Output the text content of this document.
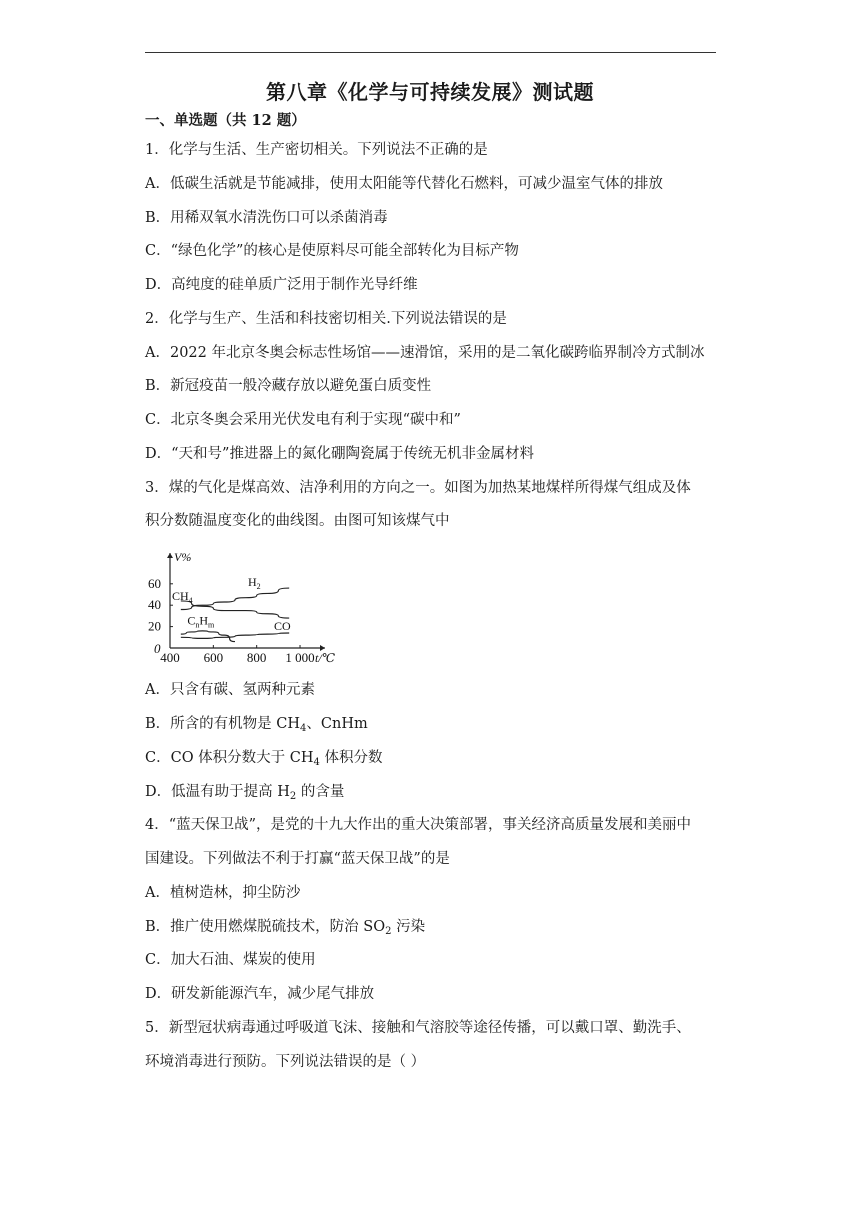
第八章《化学与可持续发展》测试题
一、单选题（共 12 题）
1．化学与生活、生产密切相关。下列说法不正确的是
A．低碳生活就是节能减排，使用太阳能等代替化石燃料，可减少温室气体的排放
B．用稀双氧水清洗伤口可以杀菌消毒
C．“绿色化学”的核心是使原料尽可能全部转化为目标产物
D．高纯度的硅单质广泛用于制作光导纤维
2．化学与生产、生活和科技密切相关.下列说法错误的是
A．2022 年北京冬奥会标志性场馆——速滑馆，采用的是二氧化碳跨临界制冷方式制冰
B．新冠疫苗一般冷藏存放以避免蛋白质变性
C．北京冬奥会采用光伏发电有利于实现“碳中和”
D．“天和号”推进器上的氮化硼陶瓷属于传统无机非金属材料
3．煤的气化是煤高效、洁净利用的方向之一。如图为加热某地煤样所得煤气组成及体
积分数随温度变化的曲线图。由图可知该煤气中
V%
t/℃
0
20
40
60
400 600 800 1 000
$H_2$
$CH_4$
$C_nH_m$	CO
A．只含有碳、氢两种元素
B．所含的有机物是 $CH_4$、CnHm
C．CO 体积分数大于 $CH_4$ 体积分数
D．低温有助于提高 $H_2$ 的含量
4．“蓝天保卫战”，是党的十九大作出的重大决策部署，事关经济高质量发展和美丽中
国建设。下列做法不利于打赢“蓝天保卫战”的是
A．植树造林，抑尘防沙
B．推广使用燃煤脱硫技术，防治 $SO_2$ 污染
C．加大石油、煤炭的使用
D．研发新能源汽车，减少尾气排放
5．新型冠状病毒通过呼吸道飞沫、接触和气溶胶等途径传播，可以戴口罩、勤洗手、
环境消毒进行预防。下列说法错误的是（ ）
